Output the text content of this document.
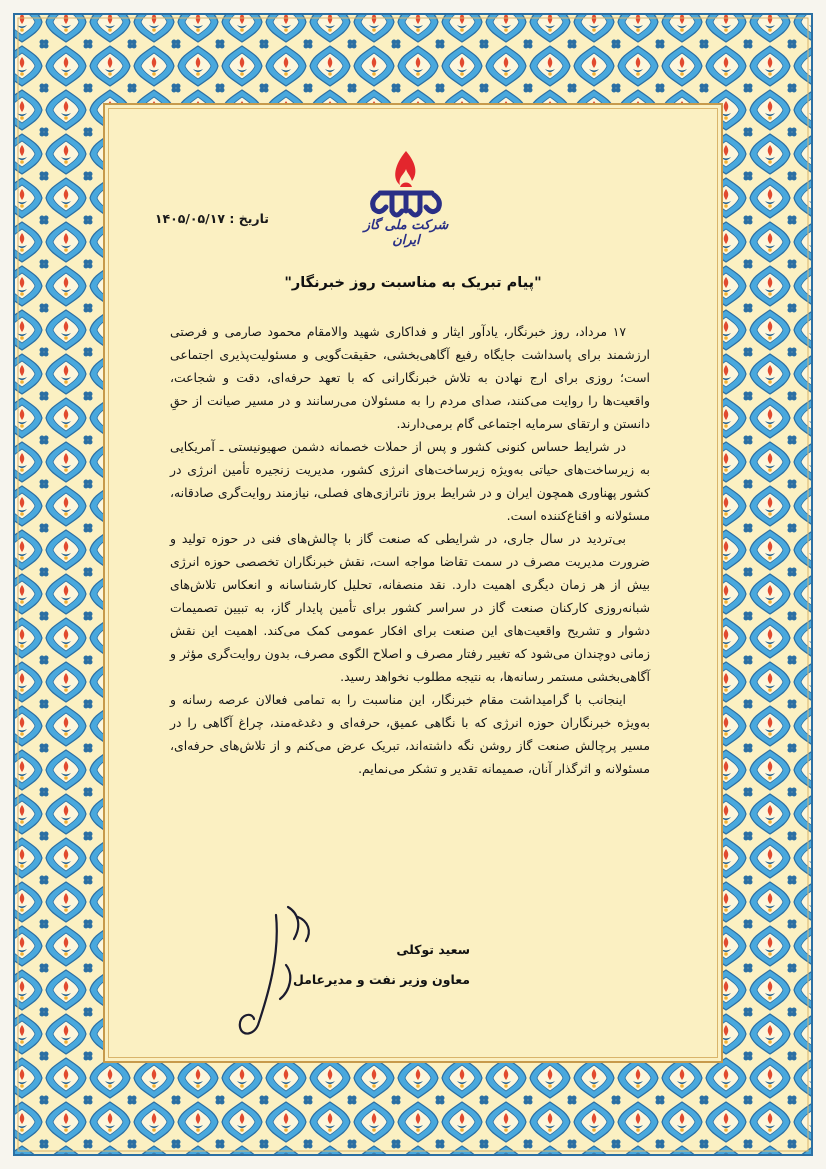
شرکت ملی گاز ایران
تاریخ : ۱۴۰۵/۰۵/۱۷
"پیام تبریک به مناسبت روز خبرنگار"

۱۷ مرداد، روز خبرنگار، یادآور ایثار و فداکاری شهید والامقام محمود صارمی و فرصتی ارزشمند برای پاسداشت جایگاه رفیع آگاهی‌بخشی، حقیقت‌گویی و مسئولیت‌پذیری اجتماعی است؛ روزی برای ارج نهادن به تلاش خبرنگارانی که با تعهد حرفه‌ای، دقت و شجاعت، واقعیت‌ها را روایت می‌کنند، صدای مردم را به مسئولان می‌رسانند و در مسیر صیانت از حقِ دانستن و ارتقای سرمایه اجتماعی گام برمی‌دارند.

در شرایط حساس کنونی کشور و پس از حملات خصمانه دشمن صهیونیستی ـ آمریکایی به زیرساخت‌های حیاتی به‌ویژه زیرساخت‌های انرژی کشور، مدیریت زنجیره تأمین انرژی در کشور پهناوری همچون ایران و در شرایط بروز ناترازی‌های فصلی، نیازمند روایت‌گری صادقانه، مسئولانه و اقناع‌کننده است.

بی‌تردید در سال جاری، در شرایطی که صنعت گاز با چالش‌های فنی در حوزه تولید و ضرورت مدیریت مصرف در سمت تقاضا مواجه است، نقش خبرنگاران تخصصی حوزه انرژی بیش از هر زمان دیگری اهمیت دارد. نقد منصفانه، تحلیل کارشناسانه و انعکاس تلاش‌های شبانه‌روزی کارکنان صنعت گاز در سراسر کشور برای تأمین پایدار گاز، به تبیین تصمیمات دشوار و تشریح واقعیت‌های این صنعت برای افکار عمومی کمک می‌کند. اهمیت این نقش زمانی دوچندان می‌شود که تغییر رفتار مصرف و اصلاح الگوی مصرف، بدون روایت‌گری مؤثر و آگاهی‌بخشی مستمر رسانه‌ها، به نتیجه مطلوب نخواهد رسید.

اینجانب با گرامیداشت مقام خبرنگار، این مناسبت را به تمامی فعالان عرصه رسانه و به‌ویژه خبرنگاران حوزه انرژی که با نگاهی عمیق، حرفه‌ای و دغدغه‌مند، چراغ آگاهی را در مسیر پرچالش صنعت گاز روشن نگه داشته‌اند، تبریک عرض می‌کنم و از تلاش‌های حرفه‌ای، مسئولانه و اثرگذار آنان، صمیمانه تقدیر و تشکر می‌نمایم.

سعید توکلی
معاون وزیر نفت و مدیرعامل
